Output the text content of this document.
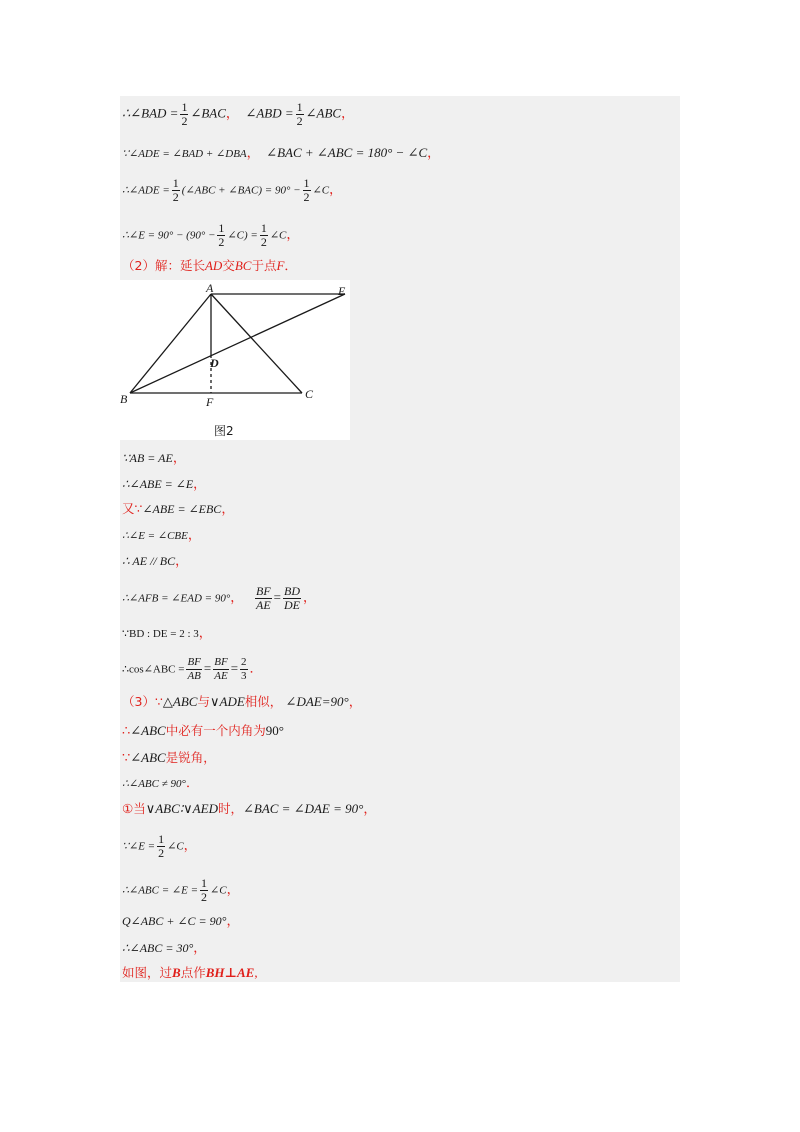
∴∠BAD = $\frac{1}{2}$ ∠BAC， ∠ABD = $\frac{1}{2}$ ∠ABC，
∵∠ADE = ∠BAD + ∠DBA， ∠BAC + ∠ABC = 180° − ∠C，
∴∠ADE = $\frac{1}{2}$ (∠ABC + ∠BAC) = $90^\circ - \frac{1}{2}$ ∠C，
∴∠E = $90^\circ - (90^\circ - \frac{1}{2}$ ∠C) = $\frac{1}{2}$ ∠C，
（2）解：延长AD交BC于点F．
A	E
D
B	C
F
图2
∵AB = AE，
∴∠ABE = ∠E，
又∵∠ABE = ∠EBC，
∴∠E = ∠CBE，
∴ AE // BC，
∴∠AFB = ∠EAD = 90°， $\frac{BF}{AE} = \frac{BD}{DE}$ ，
∵BD : DE = 2 : 3，
∴cos∠ABC = $\frac{BF}{AB} = \frac{BF}{AE} = \frac{2}{3}$ ．
（3）∵△ABC与∨ADE相似， ∠DAE=90°，
∴∠ABC中必有一个内角为90°
∵∠ABC是锐角，
∴∠ABC ≠ 90°．
①当∨ABC∶∨AED时，∠BAC = ∠DAE = 90°，
∵∠E = $\frac{1}{2}$ ∠C，
∴∠ABC = ∠E = $\frac{1}{2}$ ∠C，
Q∠ABC + ∠C = 90°，
∴∠ABC = 30°，
如图，过B点作BH⊥AE,
